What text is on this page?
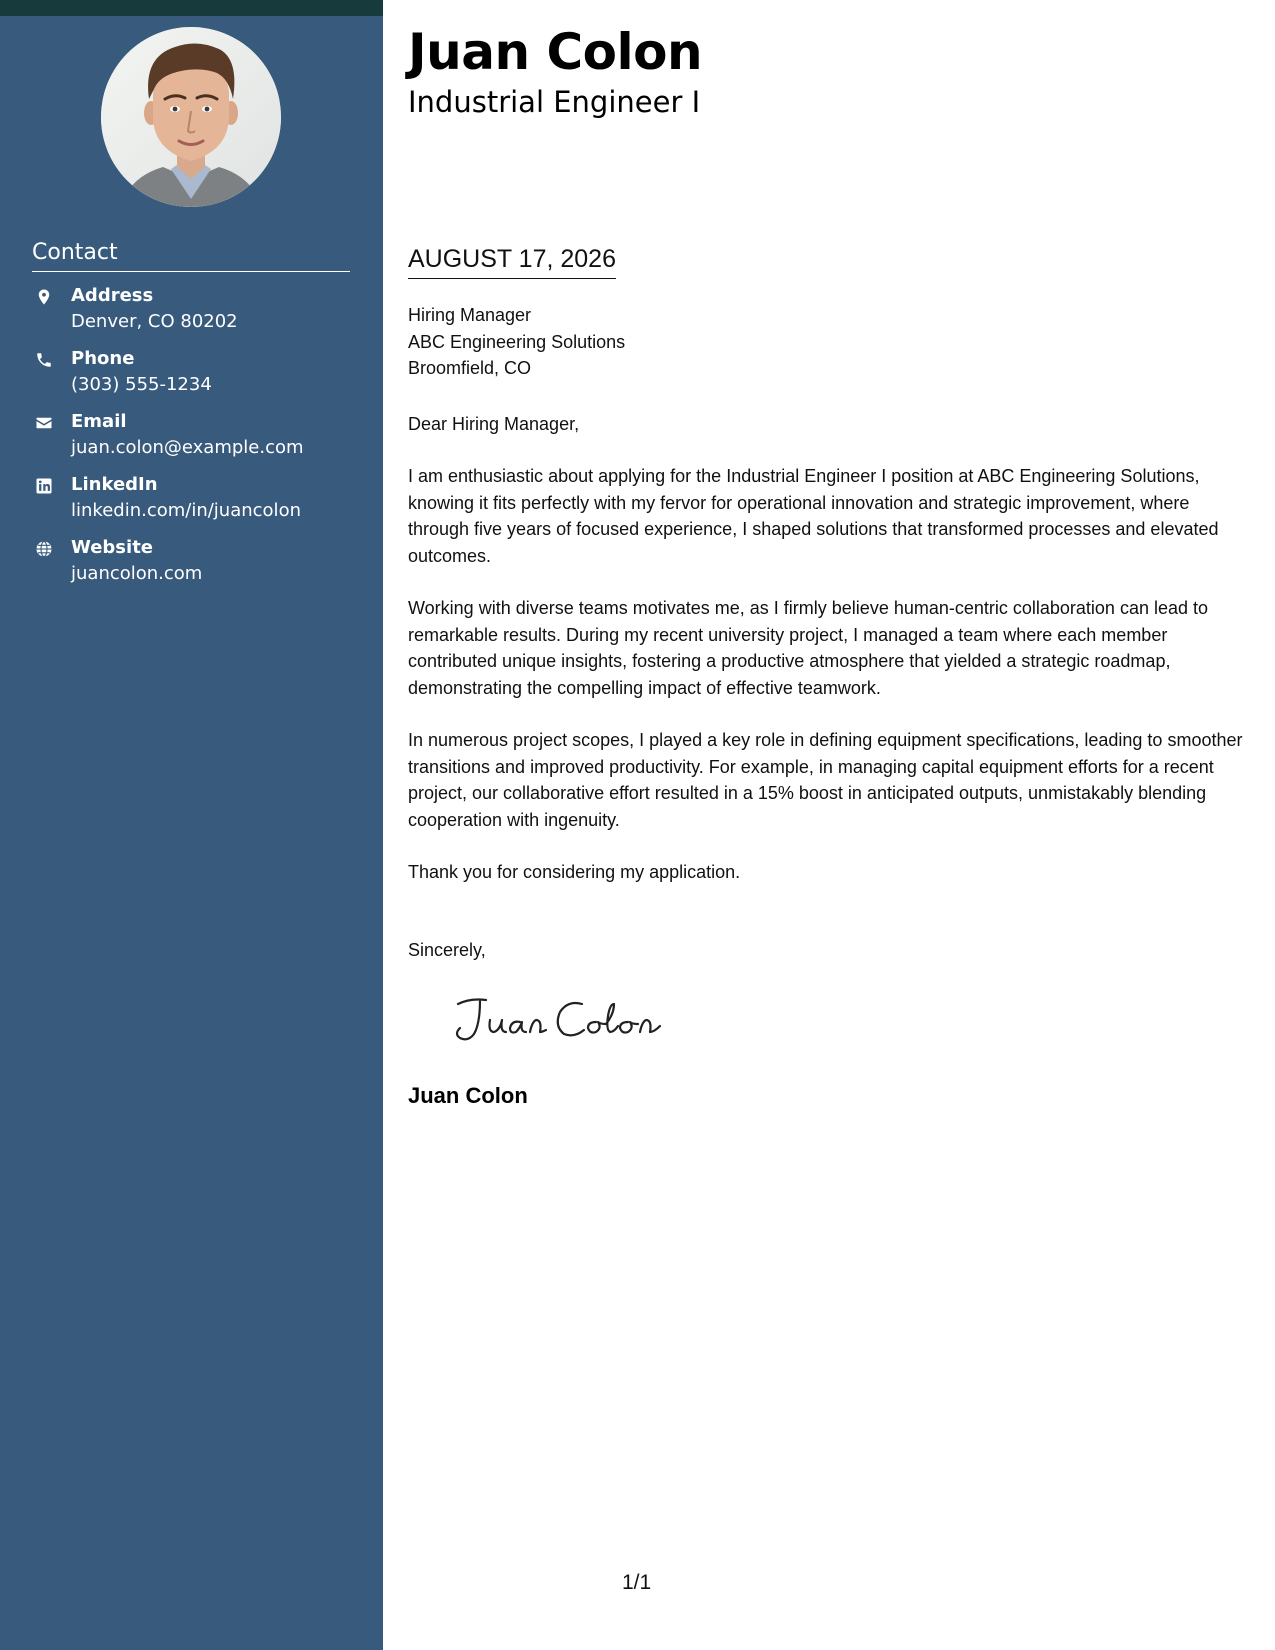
Contact
Address
Denver, CO 80202
Phone
(303) 555-1234
Email
juan.colon@example.com
LinkedIn
linkedin.com/in/juancolon
Website
juancolon.com
Juan Colon
Industrial Engineer I
AUGUST 17, 2026
Hiring Manager
ABC Engineering Solutions
Broomfield, CO
Dear Hiring Manager,

I am enthusiastic about applying for the Industrial Engineer I position at ABC Engineering Solutions, knowing it fits perfectly with my fervor for operational innovation and strategic improvement, where through five years of focused experience, I shaped solutions that transformed processes and elevated outcomes.

Working with diverse teams motivates me, as I firmly believe human-centric collaboration can lead to remarkable results. During my recent university project, I managed a team where each member contributed unique insights, fostering a productive atmosphere that yielded a strategic roadmap, demonstrating the compelling impact of effective teamwork.

In numerous project scopes, I played a key role in defining equipment specifications, leading to smoother transitions and improved productivity. For example, in managing capital equipment efforts for a recent project, our collaborative effort resulted in a 15% boost in anticipated outputs, unmistakably blending cooperation with ingenuity.

Thank you for considering my application.

Sincerely,
Juan Colon
1/1
